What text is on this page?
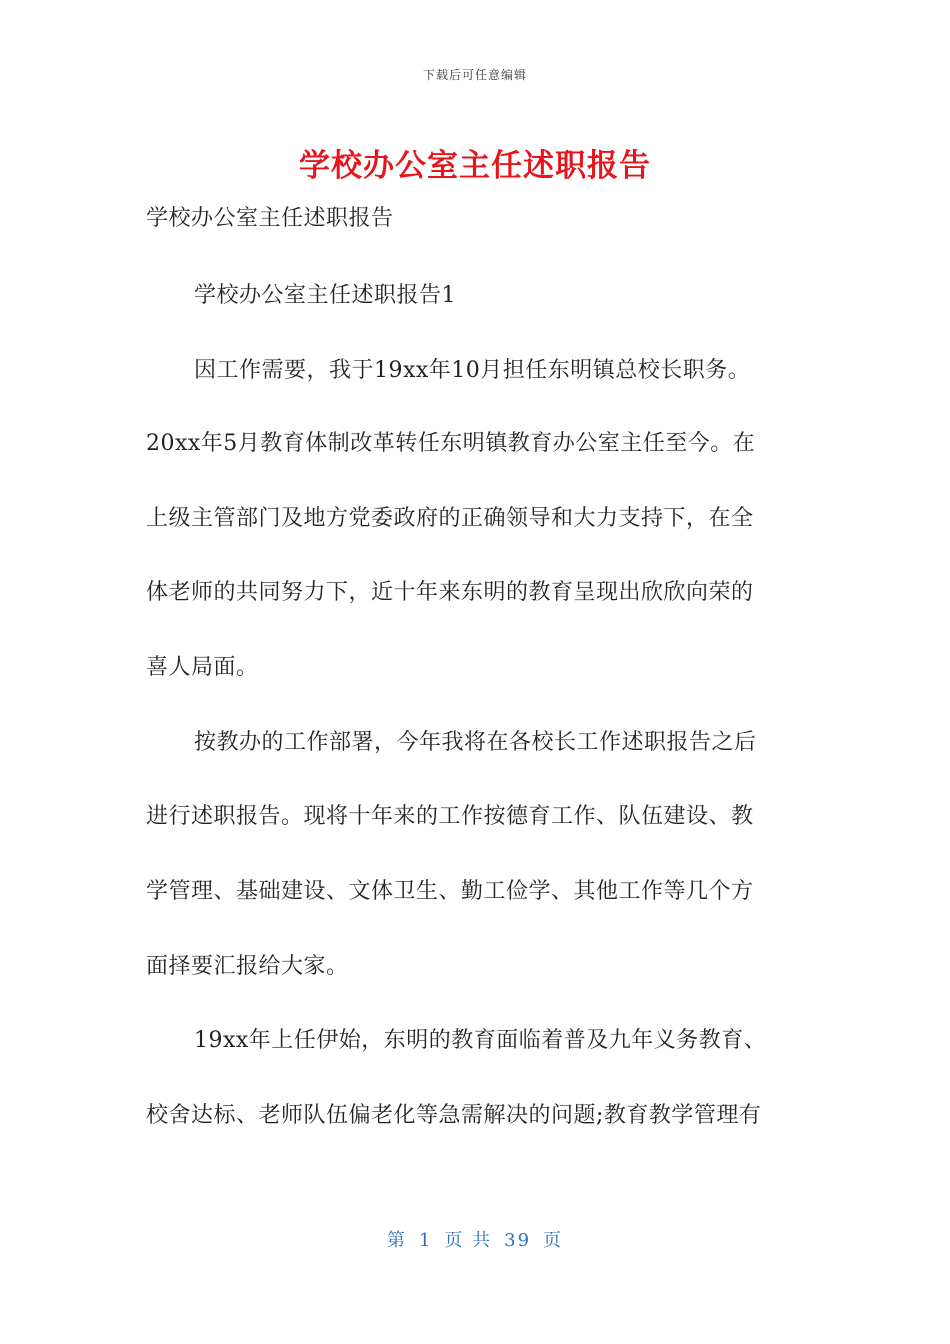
下载后可任意编辑
学校办公室主任述职报告
学校办公室主任述职报告
学校办公室主任述职报告1
因工作需要，我于19xx年10月担任东明镇总校长职务。
20xx年5月教育体制改革转任东明镇教育办公室主任至今。在
上级主管部门及地方党委政府的正确领导和大力支持下，在全
体老师的共同努力下，近十年来东明的教育呈现出欣欣向荣的
喜人局面。
按教办的工作部署，今年我将在各校长工作述职报告之后
进行述职报告。现将十年来的工作按德育工作、队伍建设、教
学管理、基础建设、文体卫生、勤工俭学、其他工作等几个方
面择要汇报给大家。
19xx年上任伊始，东明的教育面临着普及九年义务教育、
校舍达标、老师队伍偏老化等急需解决的问题;教育教学管理有
第 1 页 共 39 页
